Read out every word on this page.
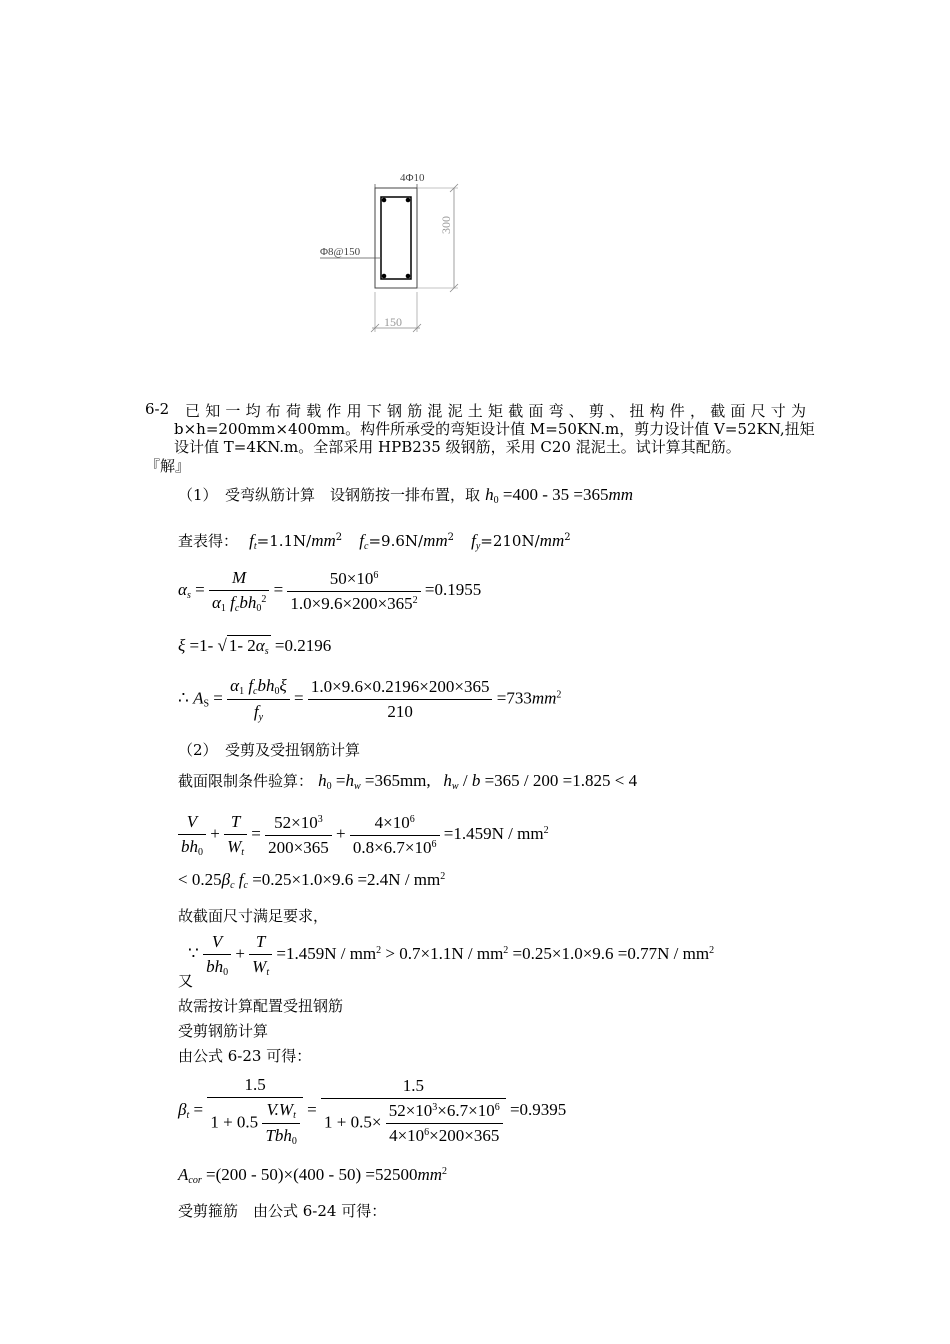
4Φ10
Φ8@150
300
150
6-2 已知一均布荷载作用下钢筋混泥土矩截面弯、剪、扭构件，截面尺寸为
b×h=200mm×400mm。构件所承受的弯矩设计值 M=50KN.m，剪力设计值 V=52KN,扭矩
设计值 T=4KN.m。全部采用 HPB235 级钢筋，采用 C20 混泥土。试计算其配筋。
『解』
（1）　受弯纵筋计算　设钢筋按一排布置，取 $h_0 =400 - 35 =365mm$
查表得： $f_t=1.1N/mm^2$ $f_c=9.6N/mm^2$ $f_y=210N/mm^2$
$\alpha_s = \frac{M}{\alpha_1 f_cbh_0^2} = \frac{50\times 10^6}{1.0\times 9.6\times 200\times 365^2} =0.1955$
ξ =1- √ 1- $2\alpha_s =0.2196$
∴ $A_S = \frac{\alpha_1 f_cbh_0\xi}{f_y} = \frac{1.0\times 9.6\times 0.2196\times 200\times 365}{210} =733mm^2$
（2）　受剪及受扭钢筋计算
截面限制条件验算： $h_0 =h_w =365mm$, $h_w / b =365 / 200 =1.825 < 4$
$\frac{V}{bh_0} + \frac{T}{W_t} = \frac{52\times 10^3}{200\times 365} + \frac{4\times 10^6}{0.8\times 6.7\times 10^6} =1.459N / mm^2$
< $0.25\beta_c$ $f_c =0.25\times 1.0\times 9.6 =2.4N / mm^2$
故截面尺寸满足要求，
∵ $\frac{V}{bh_0} + \frac{T}{W_t} =1.459N / mm^2 > 0.7\times 1.1N / mm^2 =0.25\times 1.0\times 9.6 =0.77N / mm^2$
又
故需按计算配置受扭钢筋
受剪钢筋计算
由公式 6-23 可得：
$\beta_t = \frac{1.5}{1 + 0.5 \frac{V.W_t}{Tbh_0}} = \frac{1.5}{1 + 0.5\times \frac{52\times 10^3\times 6.7\times 10^6}{4\times 10^6\times 200\times 365}} =0.9395$
$A_{cor} =(200 - 50)\times(400 - 50) =52500mm^2$
受剪箍筋　由公式 6-24 可得：
